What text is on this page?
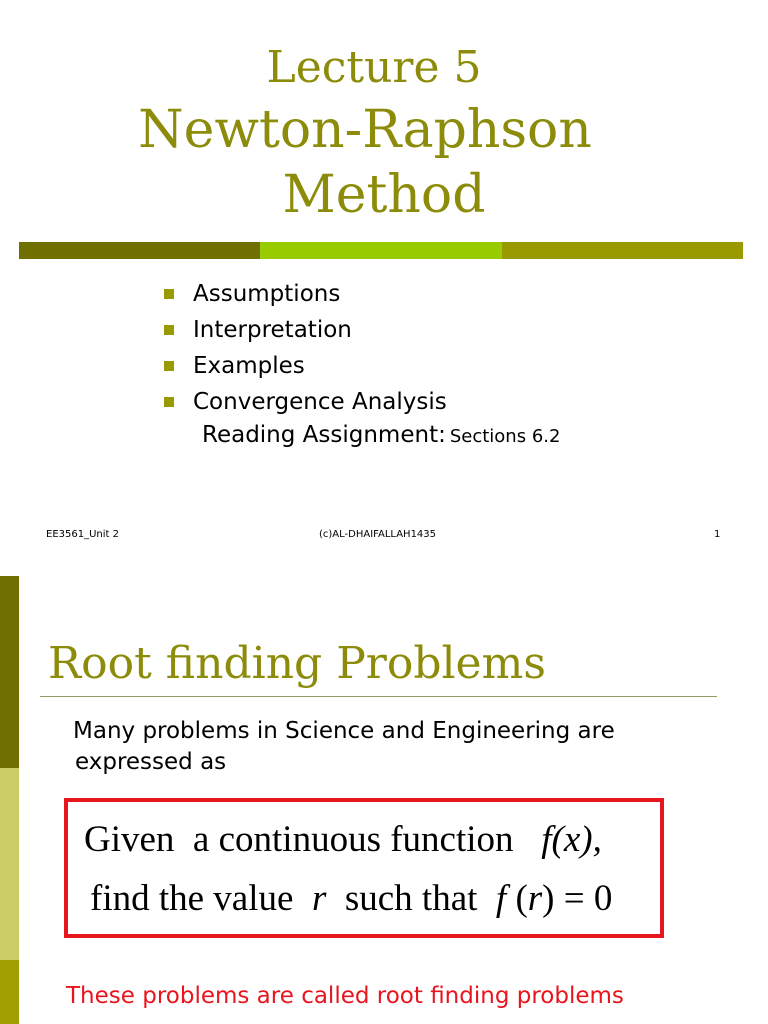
Lecture 5
Newton-Raphson
Method
Assumptions
Interpretation
Examples
Convergence Analysis
Reading Assignment: Sections 6.2
EE3561_Unit 2	(c)AL-DHAIFALLAH1435	1
Root finding Problems
Many problems in Science and Engineering are
expressed as
Given  a continuous function   f(x),
find the value  r  such that  f (r) = 0
These problems are called root finding problems
